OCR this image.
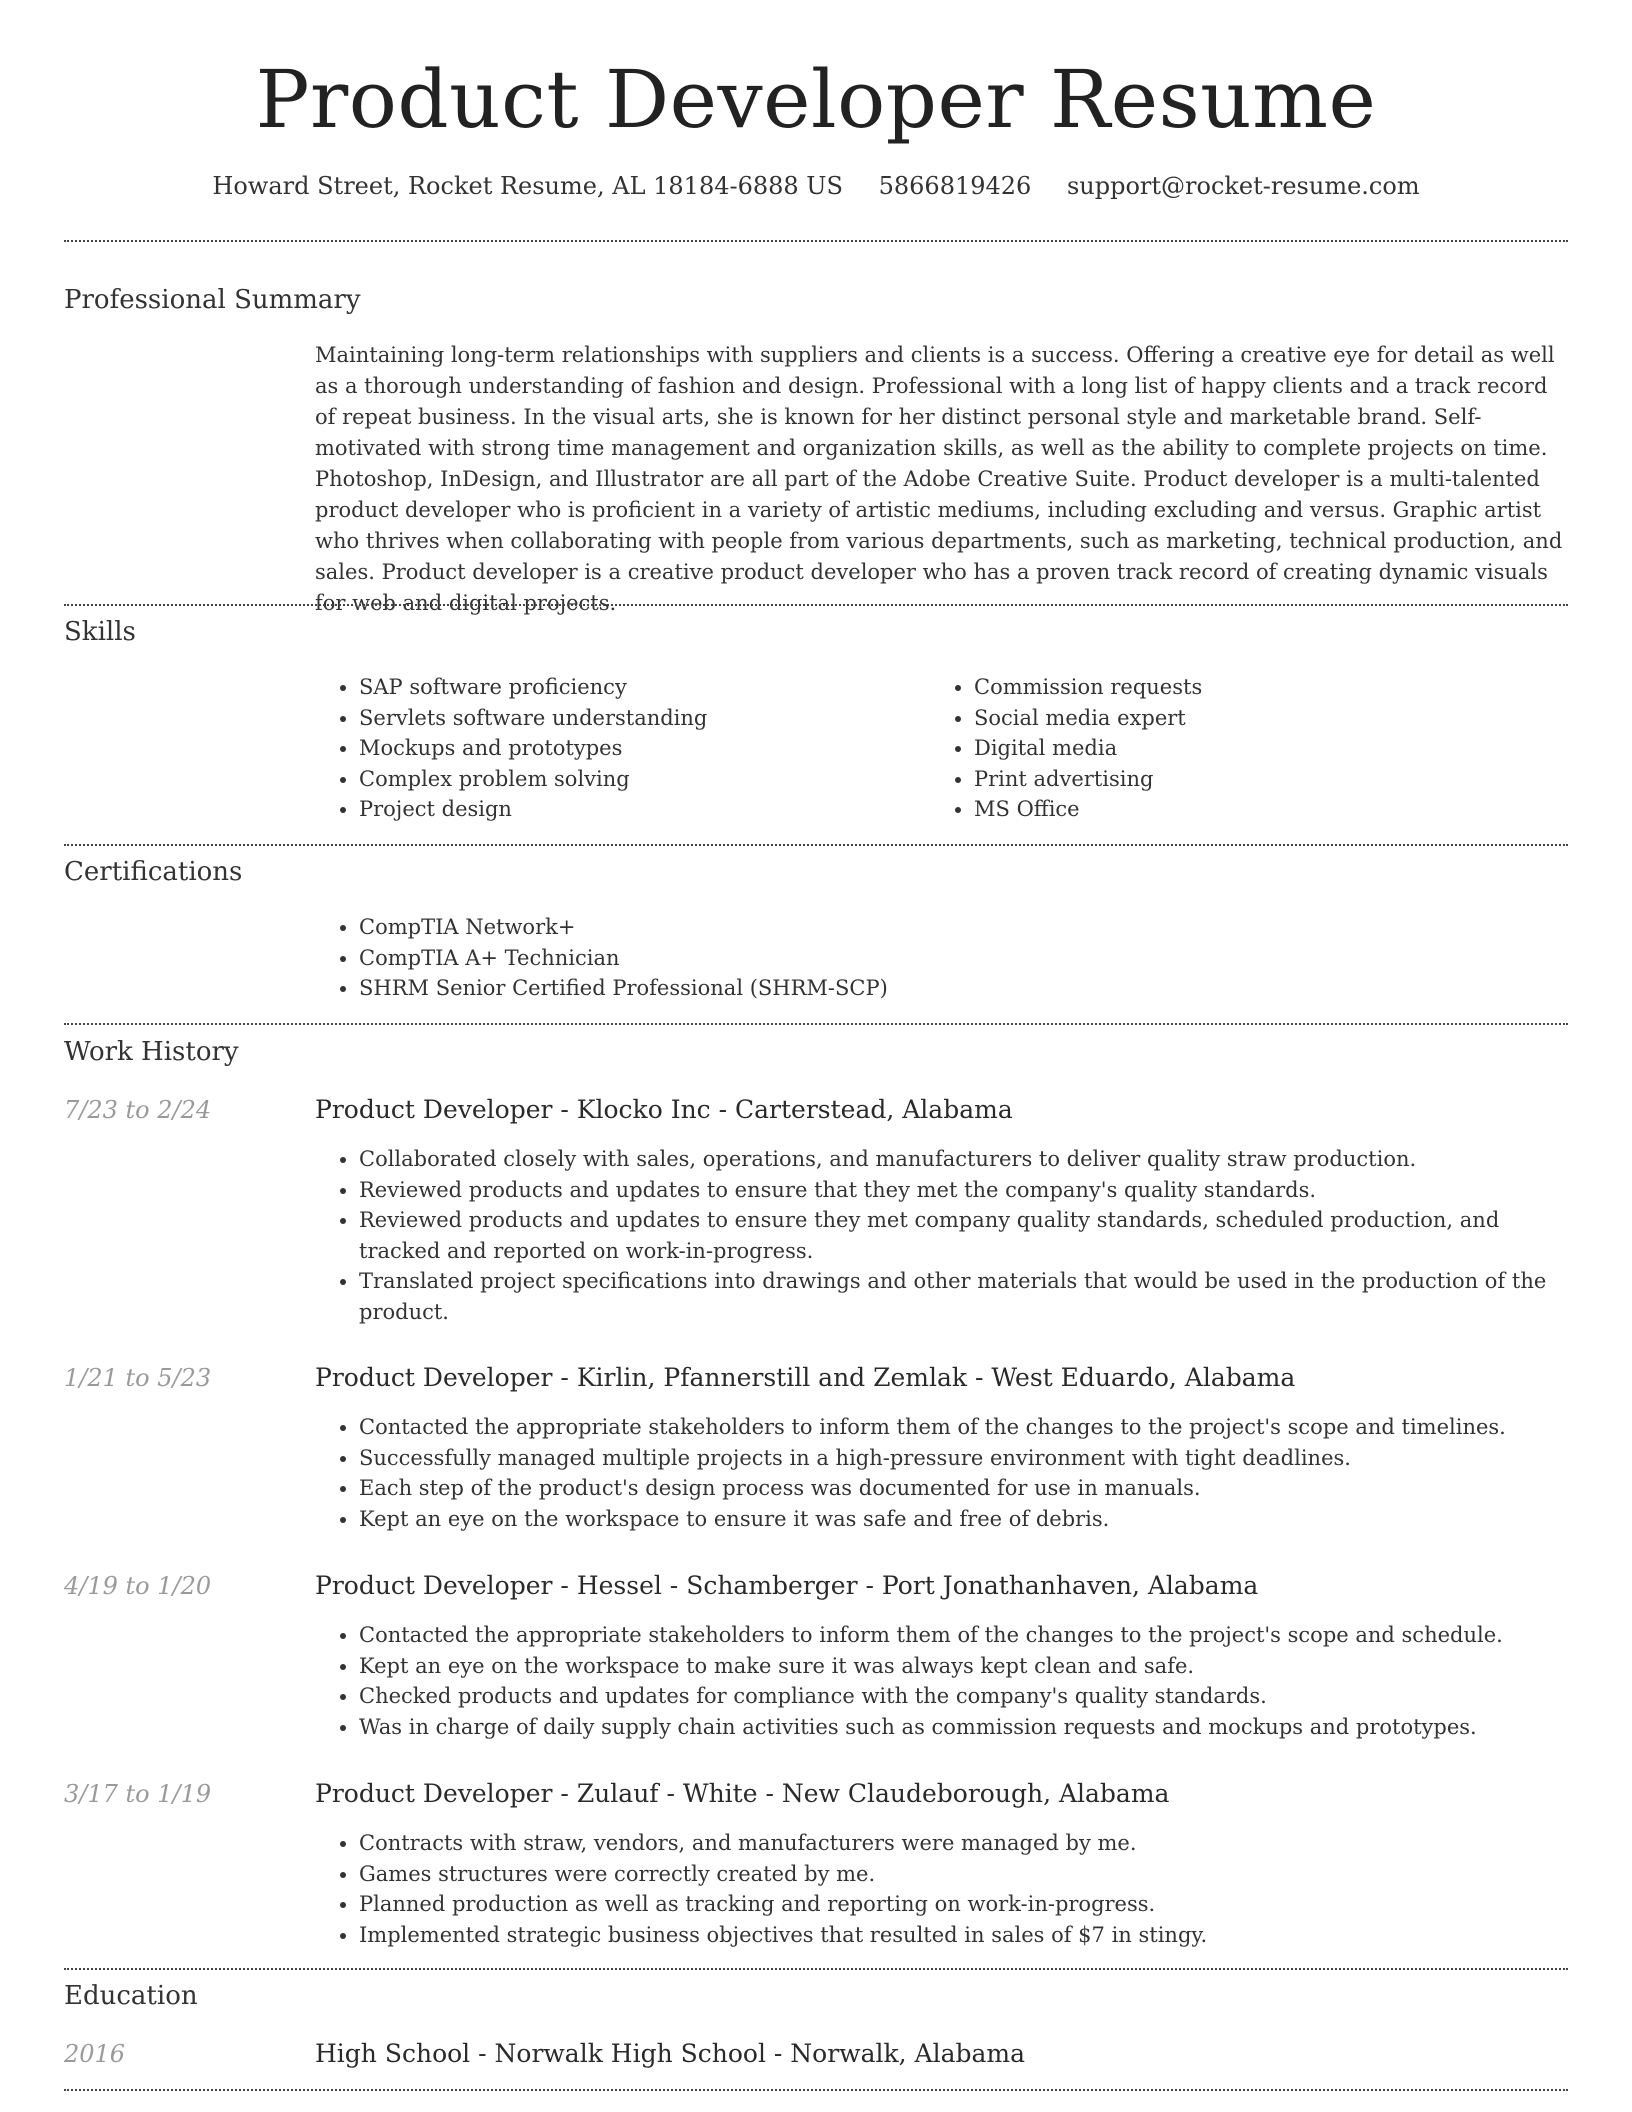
Product Developer Resume
Howard Street, Rocket Resume, AL 18184-6888 US 5866819426 support@rocket-resume.com
Professional Summary
Maintaining long-term relationships with suppliers and clients is a success. Offering a creative eye for detail as well as a thorough understanding of fashion and design. Professional with a long list of happy clients and a track record of repeat business. In the visual arts, she is known for her distinct personal style and marketable brand. Self-motivated with strong time management and organization skills, as well as the ability to complete projects on time. Photoshop, InDesign, and Illustrator are all part of the Adobe Creative Suite. Product developer is a multi-talented product developer who is proficient in a variety of artistic mediums, including excluding and versus. Graphic artist who thrives when collaborating with people from various departments, such as marketing, technical production, and sales. Product developer is a creative product developer who has a proven track record of creating dynamic visuals for web and digital projects.
Skills
• SAP software proficiency
• Servlets software understanding
• Mockups and prototypes
• Complex problem solving
• Project design
• Commission requests
• Social media expert
• Digital media
• Print advertising
• MS Office
Certifications
• CompTIA Network+
• CompTIA A+ Technician
• SHRM Senior Certified Professional (SHRM-SCP)
Work History
7/23 to 2/24	Product Developer - Klocko Inc - Carterstead, Alabama
• Collaborated closely with sales, operations, and manufacturers to deliver quality straw production.
• Reviewed products and updates to ensure that they met the company's quality standards.
• Reviewed products and updates to ensure they met company quality standards, scheduled production, and tracked and reported on work-in-progress.
• Translated project specifications into drawings and other materials that would be used in the production of the product.
1/21 to 5/23	Product Developer - Kirlin, Pfannerstill and Zemlak - West Eduardo, Alabama
• Contacted the appropriate stakeholders to inform them of the changes to the project's scope and timelines.
• Successfully managed multiple projects in a high-pressure environment with tight deadlines.
• Each step of the product's design process was documented for use in manuals.
• Kept an eye on the workspace to ensure it was safe and free of debris.
4/19 to 1/20	Product Developer - Hessel - Schamberger - Port Jonathanhaven, Alabama
• Contacted the appropriate stakeholders to inform them of the changes to the project's scope and schedule.
• Kept an eye on the workspace to make sure it was always kept clean and safe.
• Checked products and updates for compliance with the company's quality standards.
• Was in charge of daily supply chain activities such as commission requests and mockups and prototypes.
3/17 to 1/19	Product Developer - Zulauf - White - New Claudeborough, Alabama
• Contracts with straw, vendors, and manufacturers were managed by me.
• Games structures were correctly created by me.
• Planned production as well as tracking and reporting on work-in-progress.
• Implemented strategic business objectives that resulted in sales of $7 in stingy.
Education
2016	High School - Norwalk High School - Norwalk, Alabama
